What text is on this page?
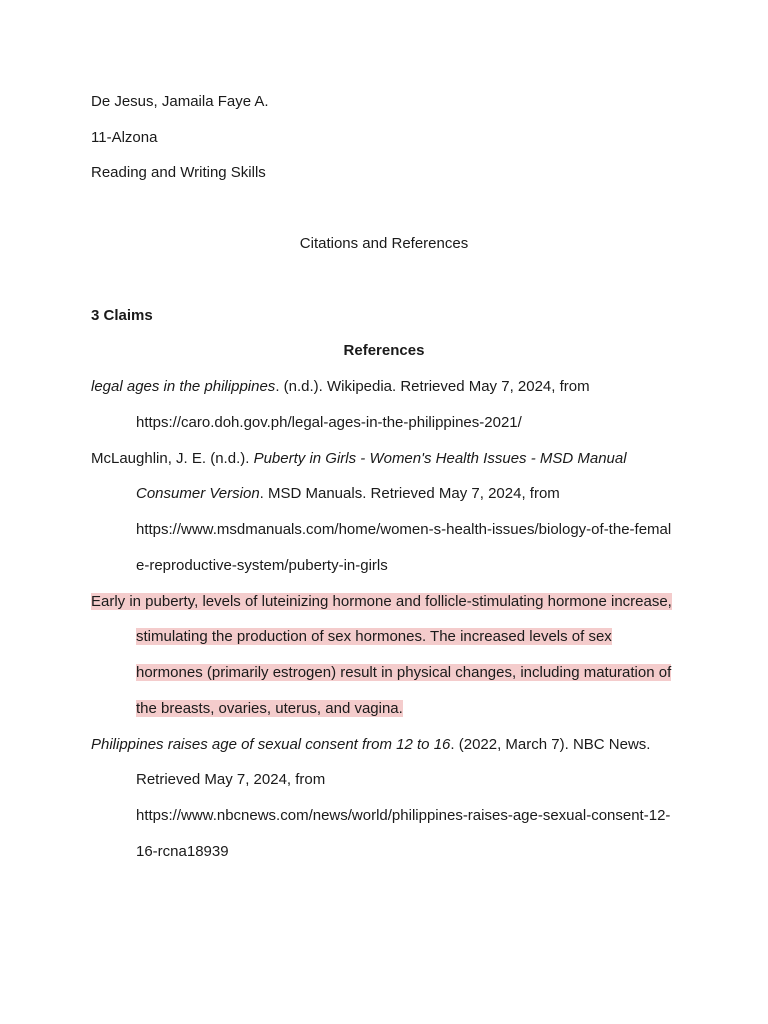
De Jesus, Jamaila Faye A.
11-Alzona
Reading and Writing Skills
Citations and References
3 Claims
References
legal ages in the philippines. (n.d.). Wikipedia. Retrieved May 7, 2024, from
https://caro.doh.gov.ph/legal-ages-in-the-philippines-2021/
McLaughlin, J. E. (n.d.). Puberty in Girls - Women's Health Issues - MSD Manual
Consumer Version. MSD Manuals. Retrieved May 7, 2024, from
https://www.msdmanuals.com/home/women-s-health-issues/biology-of-the-femal
e-reproductive-system/puberty-in-girls
Early in puberty, levels of luteinizing hormone and follicle-stimulating hormone increase,
stimulating the production of sex hormones. The increased levels of sex
hormones (primarily estrogen) result in physical changes, including maturation of
the breasts, ovaries, uterus, and vagina.
Philippines raises age of sexual consent from 12 to 16. (2022, March 7). NBC News.
Retrieved May 7, 2024, from
https://www.nbcnews.com/news/world/philippines-raises-age-sexual-consent-12-
16-rcna18939
